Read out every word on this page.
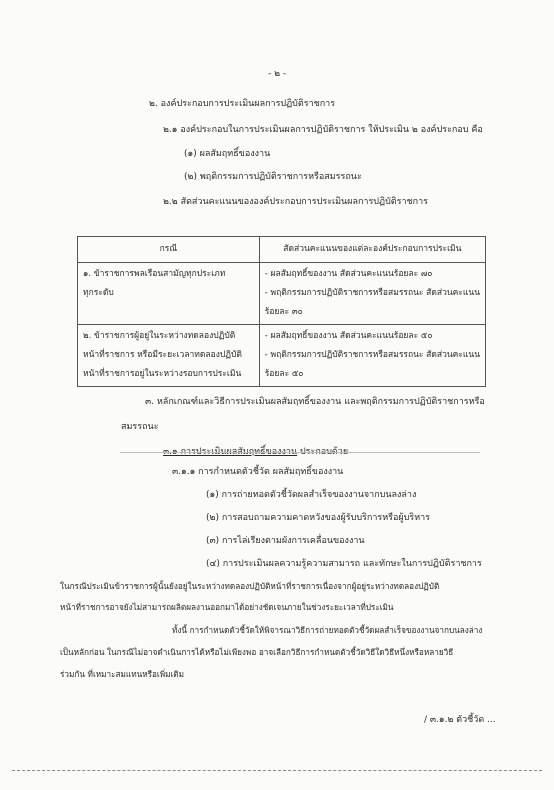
- ๒ -
๒. องค์ประกอบการประเมินผลการปฏิบัติราชการ
๒.๑ องค์ประกอบในการประเมินผลการปฏิบัติราชการ ให้ประเมิน ๒ องค์ประกอบ คือ
(๑) ผลสัมฤทธิ์ของงาน
(๒) พฤติกรรมการปฏิบัติราชการหรือสมรรถนะ
๒.๒ สัดส่วนคะแนนขององค์ประกอบการประเมินผลการปฏิบัติราชการ
กรณี	สัดส่วนคะแนนของแต่ละองค์ประกอบการประเมิน

๑. ข้าราชการพลเรือนสามัญทุกประเภท
ทุกระดับ	- ผลสัมฤทธิ์ของงาน สัดส่วนคะแนนร้อยละ ๗๐
- พฤติกรรมการปฏิบัติราชการหรือสมรรถนะ สัดส่วนคะแนน
ร้อยละ ๓๐

๒. ข้าราชการผู้อยู่ในระหว่างทดลองปฏิบัติ
หน้าที่ราชการ หรือมีระยะเวลาทดลองปฏิบัติ
หน้าที่ราชการอยู่ในระหว่างรอบการประเมิน	- ผลสัมฤทธิ์ของงาน สัดส่วนคะแนนร้อยละ ๕๐
- พฤติกรรมการปฏิบัติราชการหรือสมรรถนะ สัดส่วนคะแนน
ร้อยละ ๕๐
๓. หลักเกณฑ์และวิธีการประเมินผลสัมฤทธิ์ของงาน และพฤติกรรมการปฏิบัติราชการหรือ
สมรรถนะ
๓.๑ การประเมินผลสัมฤทธิ์ของงาน ประกอบด้วย
๓.๑.๑ การกำหนดตัวชี้วัด ผลสัมฤทธิ์ของงาน
(๑) การถ่ายทอดตัวชี้วัดผลสำเร็จของงานจากบนลงล่าง
(๒) การสอบถามความคาดหวังของผู้รับบริการหรือผู้บริหาร
(๓) การไล่เรียงตามผังการเคลื่อนของงาน
(๔) การประเมินผลความรู้ความสามารถ และทักษะในการปฏิบัติราชการ
ในกรณีประเมินข้าราชการผู้นั้นยังอยู่ในระหว่างทดลองปฏิบัติหน้าที่ราชการเนื่องจากผู้อยู่ระหว่างทดลองปฏิบัติ
หน้าที่ราชการอาจยังไม่สามารถผลิตผลงานออกมาได้อย่างชัดเจนภายในช่วงระยะเวลาที่ประเมิน
ทั้งนี้ การกำหนดตัวชี้วัดให้พิจารณาวิธีการถ่ายทอดตัวชี้วัดผลสำเร็จของงานจากบนลงล่าง
เป็นหลักก่อน ในกรณีไม่อาจดำเนินการได้หรือไม่เพียงพอ อาจเลือกวิธีการกำหนดตัวชี้วัดวิธีใดวิธีหนึ่งหรือหลายวิธี
ร่วมกัน ที่เหมาะสมแทนหรือเพิ่มเติม
/ ๓.๑.๒ ตัวชี้วัด ...
